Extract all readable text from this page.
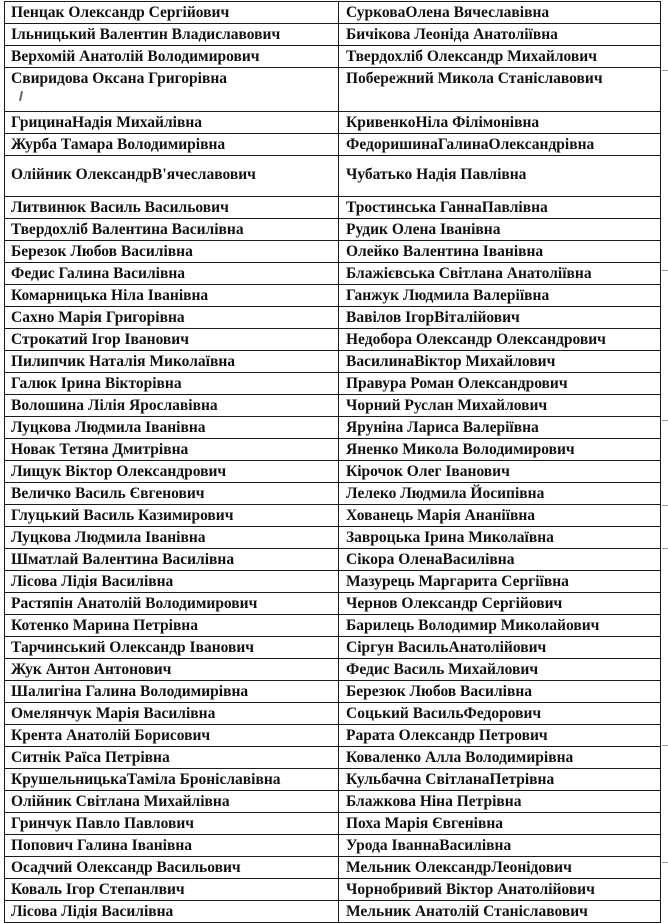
Пенцак Олександр Сергійович	СурковаОлена Вячеславівна
Ільницький Валентин Владиславович	Бичікова Леонiда Анатоліївна
Верхомій Анатолій Володимирович	Твердохліб Олександр Михайлович
Свиридова Оксана Григорівна	Побережний Микола Станіславович
ГрицинаНадія Михайлівна	КривенкоНіла Філімонівна
Журба Тамара Володимирівна	ФедоришинаГалинаОлександрівна
Олійник ОлександрВ'ячеславович	Чубатько Надія Павлівна
Литвинюк Василь Васильович	Тростинська ГаннаПавлівна
Твердохліб Валентина Василівна	Рудик Олена Іванівна
Березок Любов Василівна	Олейко Валентина Іванівна
Федис Галина Василівна	Блажієвська Світлана Анатоліївна
Комарницька Ніла Іванівна	Ганжук Людмила Валеріївна
Сахно Марія Григорівна	Вавілов ІгорВіталійович
Строкатий Ігор Іванович	Недобора Олександр Олександрович
Пилипчик Наталія Миколаївна	ВасилинаВіктор Михайлович
Галюк Ірина Вікторівна	Правура Роман Олександрович
Волошина Лілія Ярославівна	Чорний Руслан Михайлович
Луцкова Людмила Іванівна	Яруніна Лариса Валеріївна
Новак Тетяна Дмитрівна	Яненко Микола Володимирович
Лищук Віктор Олександрович	Кірочок Олег Іванович
Величко Василь Євгенович	Лелеко Людмила Йосипівна
Глуцький Василь Казимирович	Хованець Марія Ананіївна
Луцкова Людмила Іванівна	Завроцька Ірина Миколаївна
Шматлай Валентина Василівна	Сікора ОленаВасилівна
Лісова Лідія Василівна	Мазурець Маргарита Сергіївна
Растяпін Анатолій Володимирович	Чернов Олександр Сергійович
Котенко Марина Петрівна	Барилець Володимир Миколайович
Тарчинський Олександр Іванович	Сіргун ВасильАнатолійович
Жук Антон Антонович	Федис Василь Михайлович
Шалигіна Галина Володимирівна	Березюк Любов Василівна
Омелянчук Марія Василівна	Соцький ВасильФедорович
Крента Анатолій Борисович	Рарата Олександр Петрович
Ситнік Раїса Петрівна	Коваленко Алла Володимирівна
КрушельницькаТаміла Броніславівна	Кульбачна СвітланаПетрівна
Олійник Світлана Михайлівна	Блажкова Ніна Петрівна
Гринчук Павло Павлович	Поха Марія Євгенівна
Попович Галина Іванівна	Урода ІваннаВасилівна
Осадчий Олександр Васильович	Мельник ОлександрЛеонідович
Коваль Ігор Степанлвич	Чорнобривий Віктор Анатолійович
Лісова Лідія Василівна	Мельник Анатолій Станіславович
